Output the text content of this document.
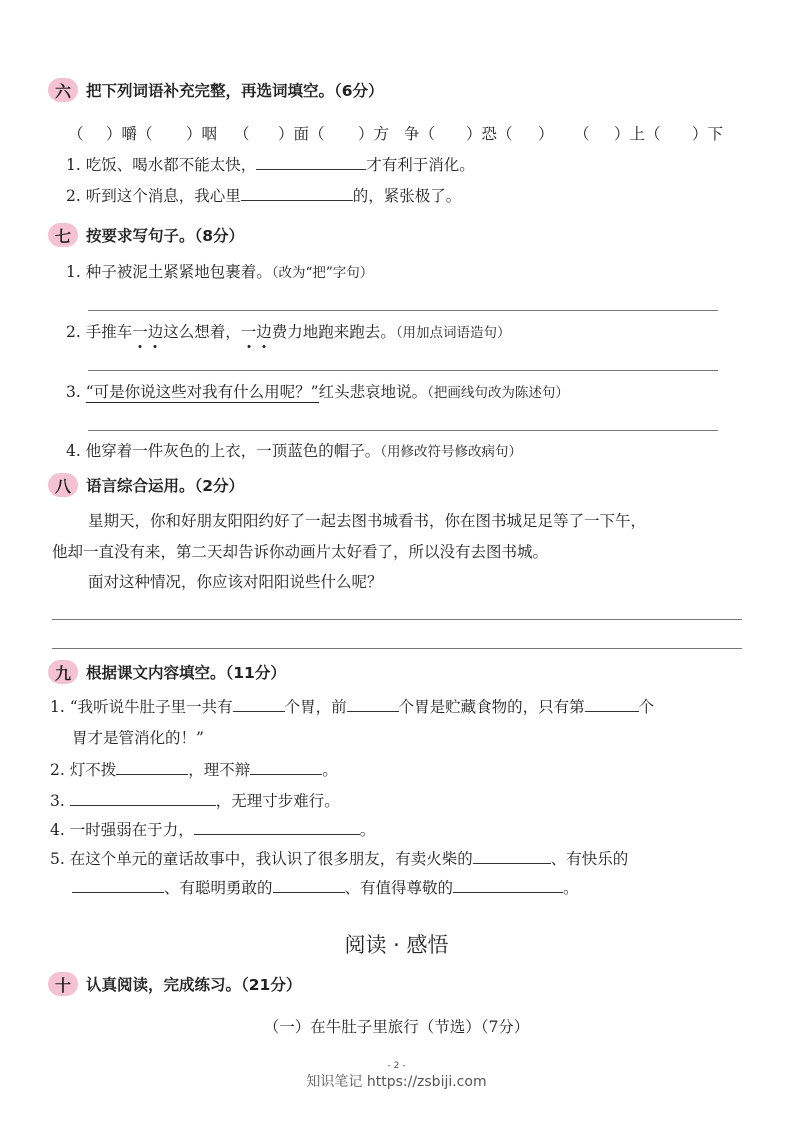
六 把下列词语补充完整，再选词填空。（6分）
（ ）嚼（ ）咽 （ ）面（ ）方 争（ ）恐（ ） （ ）上（ ）下
1. 吃饭、喝水都不能太快，	才有利于消化。
2. 听到这个消息，我心里	的，紧张极了。
七 按要求写句子。（8分）
1. 种子被泥土紧紧地包裹着。（改为“把”字句）
2. 手推车一边这么想着，一边费力地跑来跑去。（用加点词语造句）
3. “可是你说这些对我有什么用呢？”红头悲哀地说。（把画线句改为陈述句）
4. 他穿着一件灰色的上衣，一顶蓝色的帽子。（用修改符号修改病句）
八 语言综合运用。（2分）
星期天，你和好朋友阳阳约好了一起去图书城看书，你在图书城足足等了一下午，
他却一直没有来，第二天却告诉你动画片太好看了，所以没有去图书城。
面对这种情况，你应该对阳阳说些什么呢？
九 根据课文内容填空。（11分）
1. “我听说牛肚子里一共有	个胃，前	个胃是贮藏食物的，只有第	个
胃才是管消化的！”
2. 灯不拨	，理不辩	。
3.	，无理寸步难行。
4. 一时强弱在于力，	。
5. 在这个单元的童话故事中，我认识了很多朋友，有卖火柴的	、有快乐的
、有聪明勇敢的	、有值得尊敬的	。
阅读 · 感悟
十 认真阅读，完成练习。（21分）
（一）在牛肚子里旅行（节选）（7分）
- 2 -
知识笔记 https://zsbiji.com
